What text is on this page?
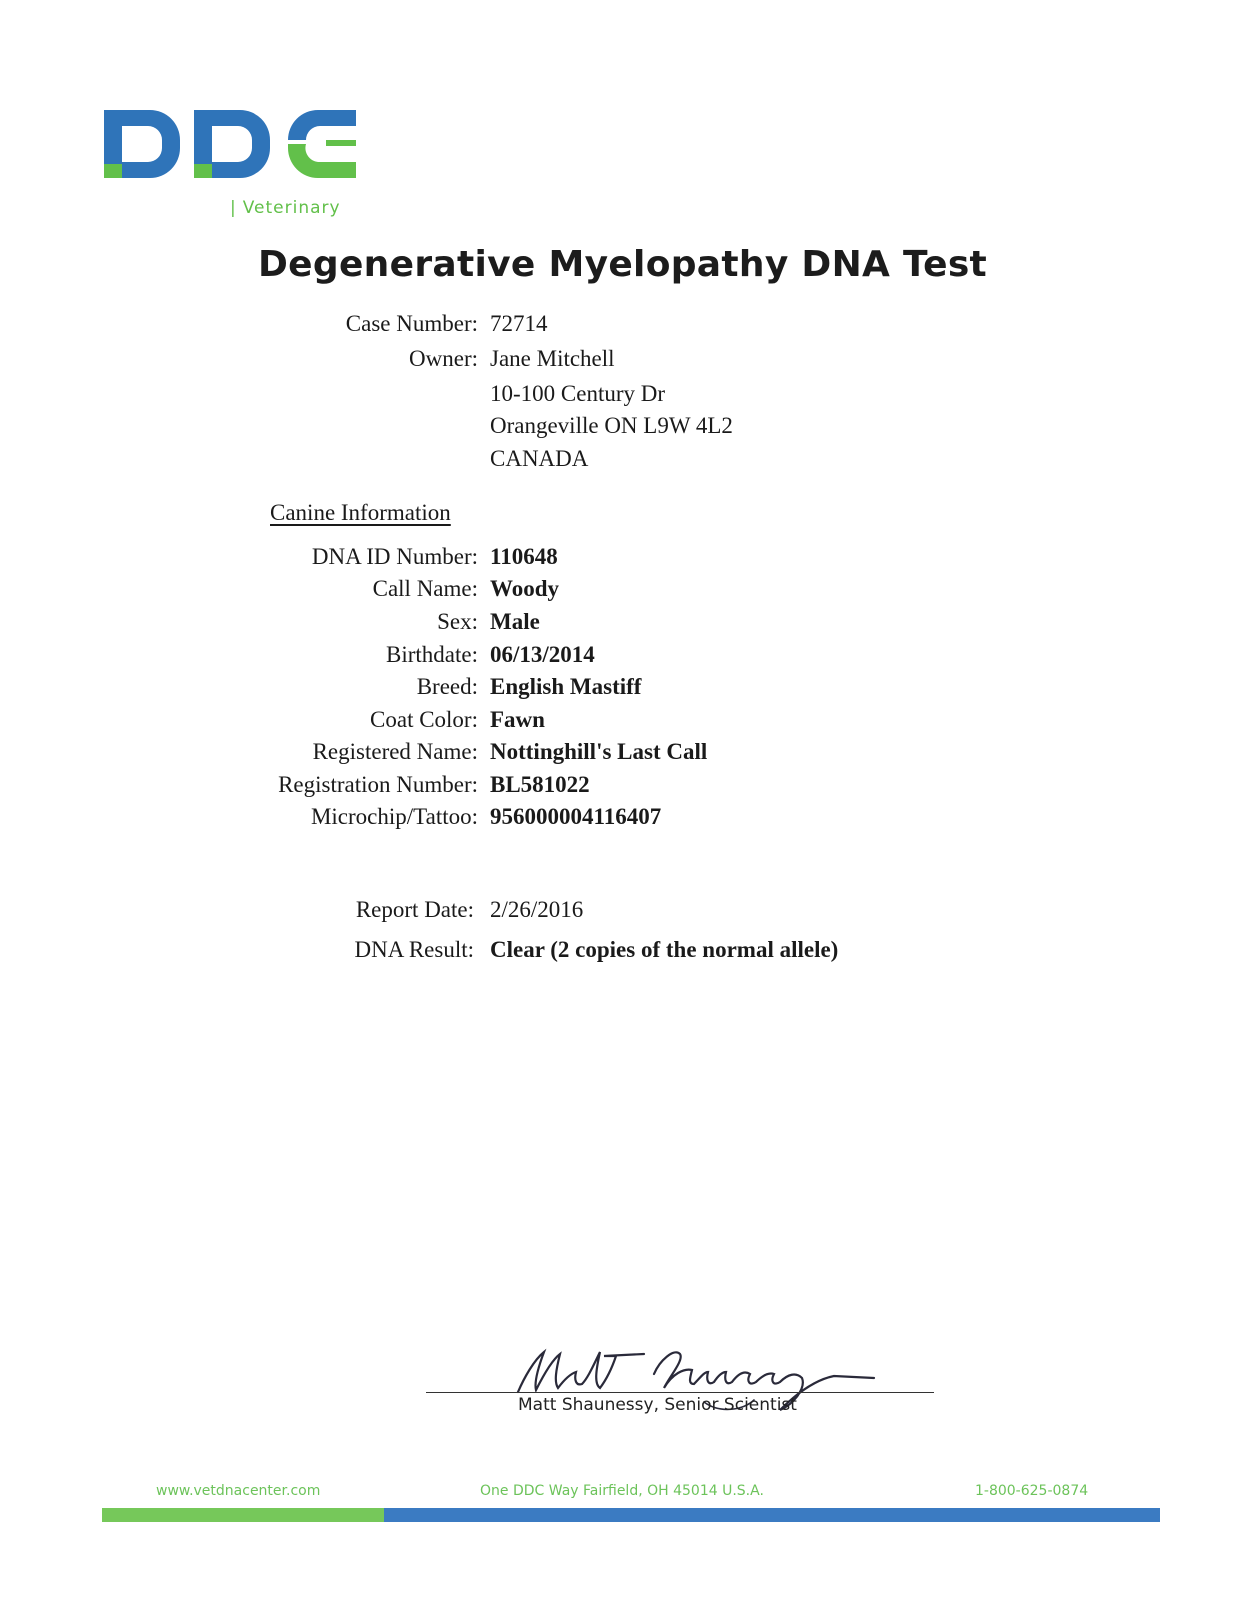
| Veterinary
Degenerative Myelopathy DNA Test
Case Number: 72714
Owner: Jane Mitchell
10-100 Century Dr
Orangeville ON L9W 4L2
CANADA
Canine Information
DNA ID Number: 110648
Call Name: Woody
Sex: Male
Birthdate: 06/13/2014
Breed: English Mastiff
Coat Color: Fawn
Registered Name: Nottinghill's Last Call
Registration Number: BL581022
Microchip/Tattoo: 956000004116407
Report Date: 2/26/2016
DNA Result: Clear (2 copies of the normal allele)
Matt Shaunessy, Senior Scientist
www.vetdnacenter.com	One DDC Way Fairfield, OH 45014 U.S.A.	1-800-625-0874
